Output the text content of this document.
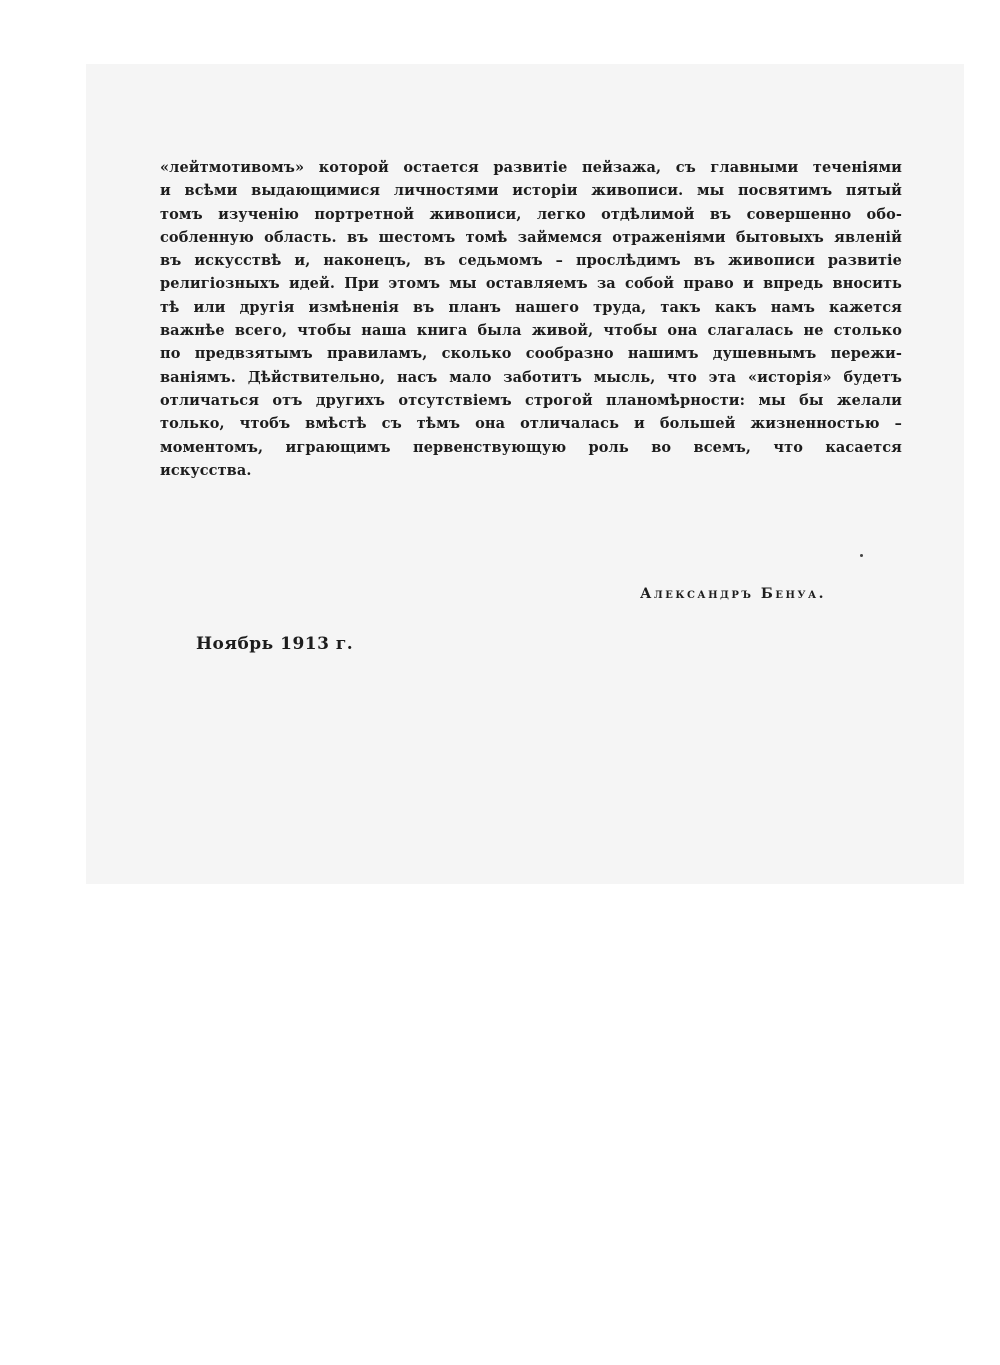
«лейтмотивомъ» которой остается развитіе пейзажа, съ главными теченіями
и всѣми выдающимися личностями исторіи живописи. мы посвятимъ пятый
томъ изученію портретной живописи, легко отдѣлимой въ совершенно обо-
собленную область. въ шестомъ томѣ займемся отраженіями бытовыхъ явленій
въ искусствѣ и, наконецъ, въ седьмомъ – прослѣдимъ въ живописи развитіе
религіозныхъ идей. При этомъ мы оставляемъ за собой право и впредь вносить
тѣ или другія измѣненія въ планъ нашего труда, такъ какъ намъ кажется
важнѣе всего, чтобы наша книга была живой, чтобы она слагалась не столько
по предвзятымъ правиламъ, сколько сообразно нашимъ душевнымъ пережи-
ваніямъ. Дѣйствительно, насъ мало заботитъ мысль, что эта «исторія» будетъ
отличаться отъ другихъ отсутствіемъ строгой планомѣрности: мы бы желали
только, чтобъ вмѣстѣ съ тѣмъ она отличалась и большей жизненностью –
моментомъ, играющимъ первенствующую роль во всемъ, что касается
искусства.

Александръ Бенуа.
Ноябрь 1913 г.
